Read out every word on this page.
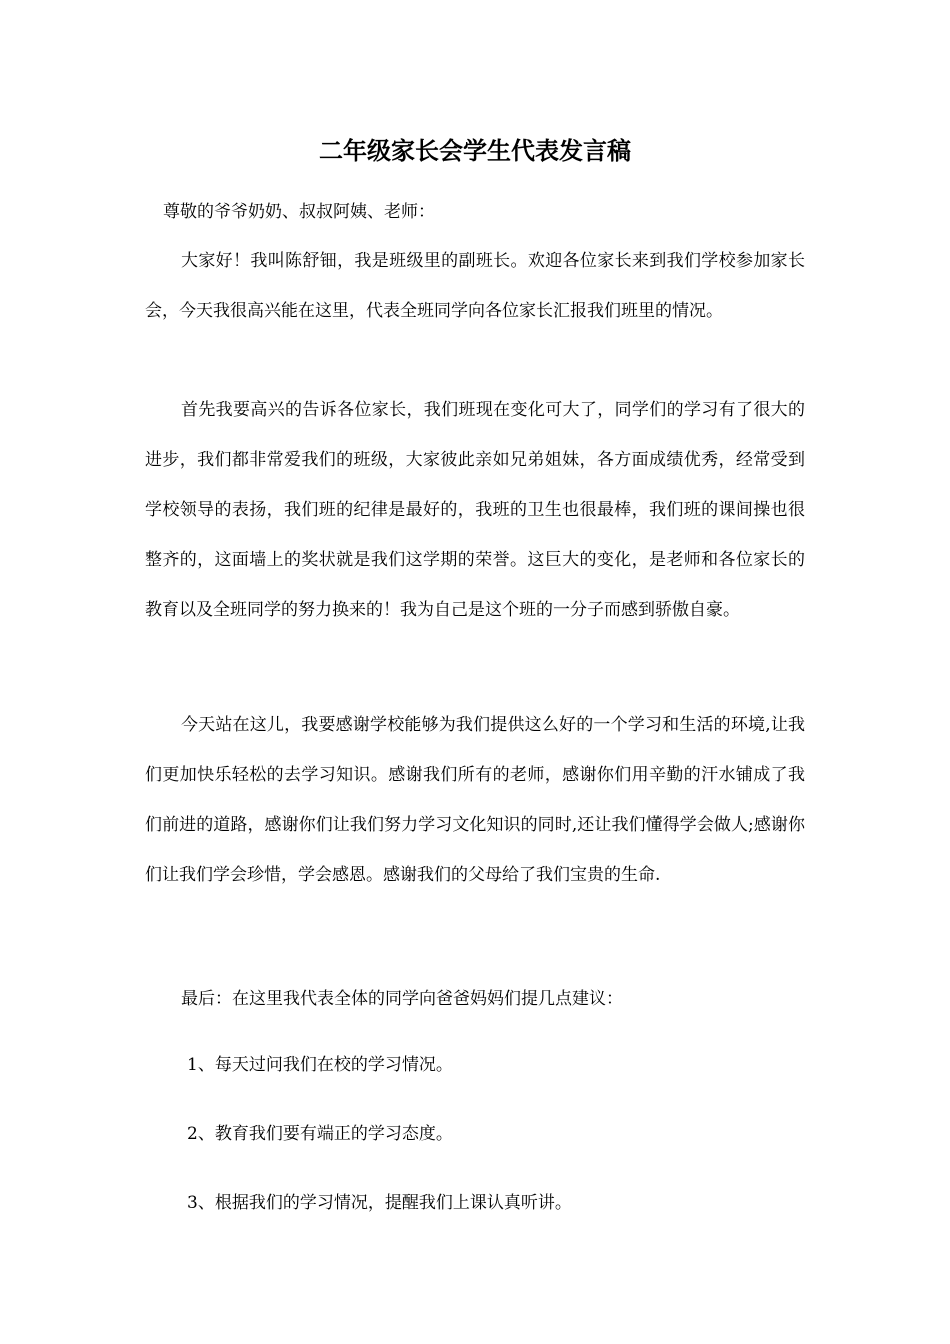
二年级家长会学生代表发言稿
尊敬的爷爷奶奶、叔叔阿姨、老师：

大家好！我叫陈舒钿，我是班级里的副班长。欢迎各位家长来到我们学校参加家长会，今天我很高兴能在这里，代表全班同学向各位家长汇报我们班里的情况。

首先我要高兴的告诉各位家长，我们班现在变化可大了，同学们的学习有了很大的进步，我们都非常爱我们的班级，大家彼此亲如兄弟姐妹，各方面成绩优秀，经常受到学校领导的表扬，我们班的纪律是最好的，我班的卫生也很最棒，我们班的课间操也很整齐的，这面墙上的奖状就是我们这学期的荣誉。这巨大的变化，是老师和各位家长的教育以及全班同学的努力换来的！我为自己是这个班的一分子而感到骄傲自豪。

今天站在这儿，我要感谢学校能够为我们提供这么好的一个学习和生活的环境,让我们更加快乐轻松的去学习知识。感谢我们所有的老师，感谢你们用辛勤的汗水铺成了我们前进的道路，感谢你们让我们努力学习文化知识的同时,还让我们懂得学会做人;感谢你们让我们学会珍惜，学会感恩。感谢我们的父母给了我们宝贵的生命.

最后：在这里我代表全体的同学向爸爸妈妈们提几点建议：
1、每天过问我们在校的学习情况。
2、教育我们要有端正的学习态度。
3、根据我们的学习情况，提醒我们上课认真听讲。
